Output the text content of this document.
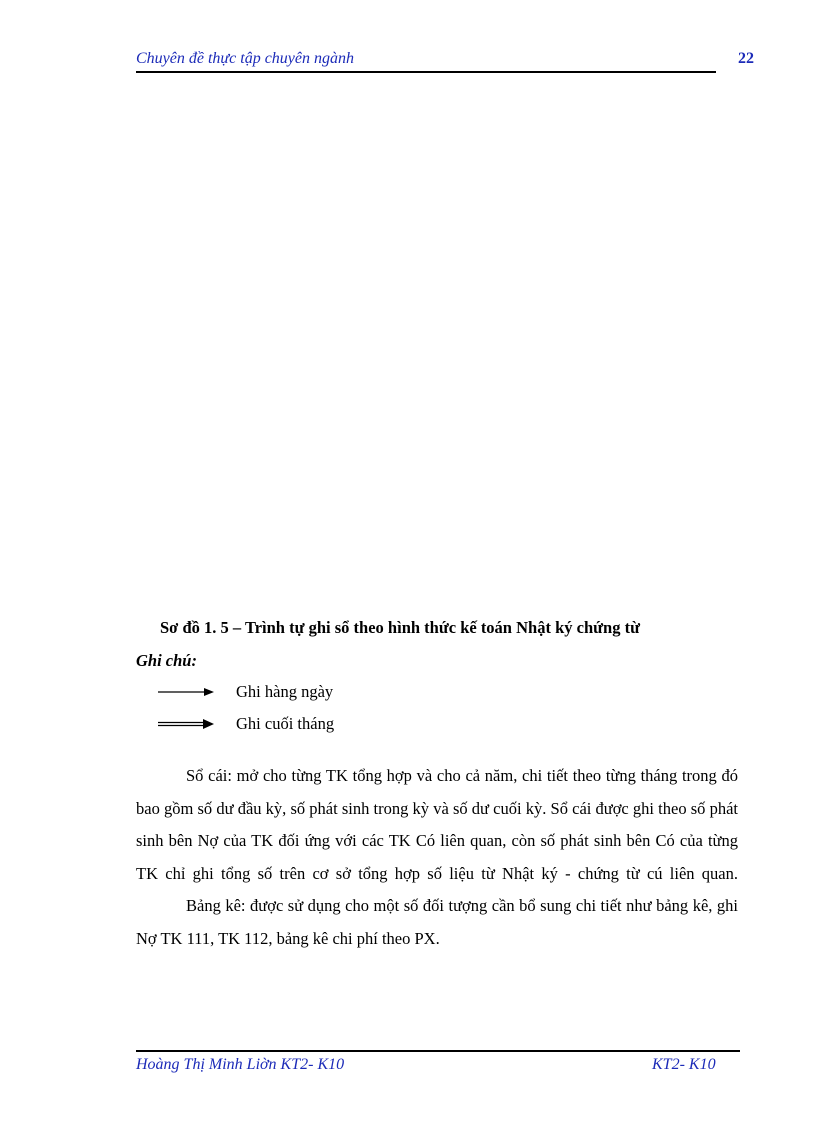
Chuyên đề thực tập chuyên ngành	22
Sơ đồ 1. 5 – Trình tự ghi sổ theo hình thức kế toán Nhật ký chứng từ
Ghi chú:
Ghi hàng ngày
Ghi cuối tháng

Sổ cái: mở cho từng TK tổng hợp và cho cả năm, chi tiết theo từng tháng trong đó bao gồm số dư đầu kỳ, số phát sinh trong kỳ và số dư cuối kỳ. Sổ cái được ghi theo số phát sinh bên Nợ của TK đối ứng với các TK Có liên quan, còn số phát sinh bên Có của từng TK chỉ ghi tổng số trên cơ sở tổng hợp số liệu từ Nhật ký - chứng từ cú liên quan.

Bảng kê: được sử dụng cho một số đối tượng cần bổ sung chi tiết như bảng kê, ghi Nợ TK 111, TK 112, bảng kê chi phí theo PX.

Hoàng Thị Minh Liờn KT2- K10	KT2- K10
